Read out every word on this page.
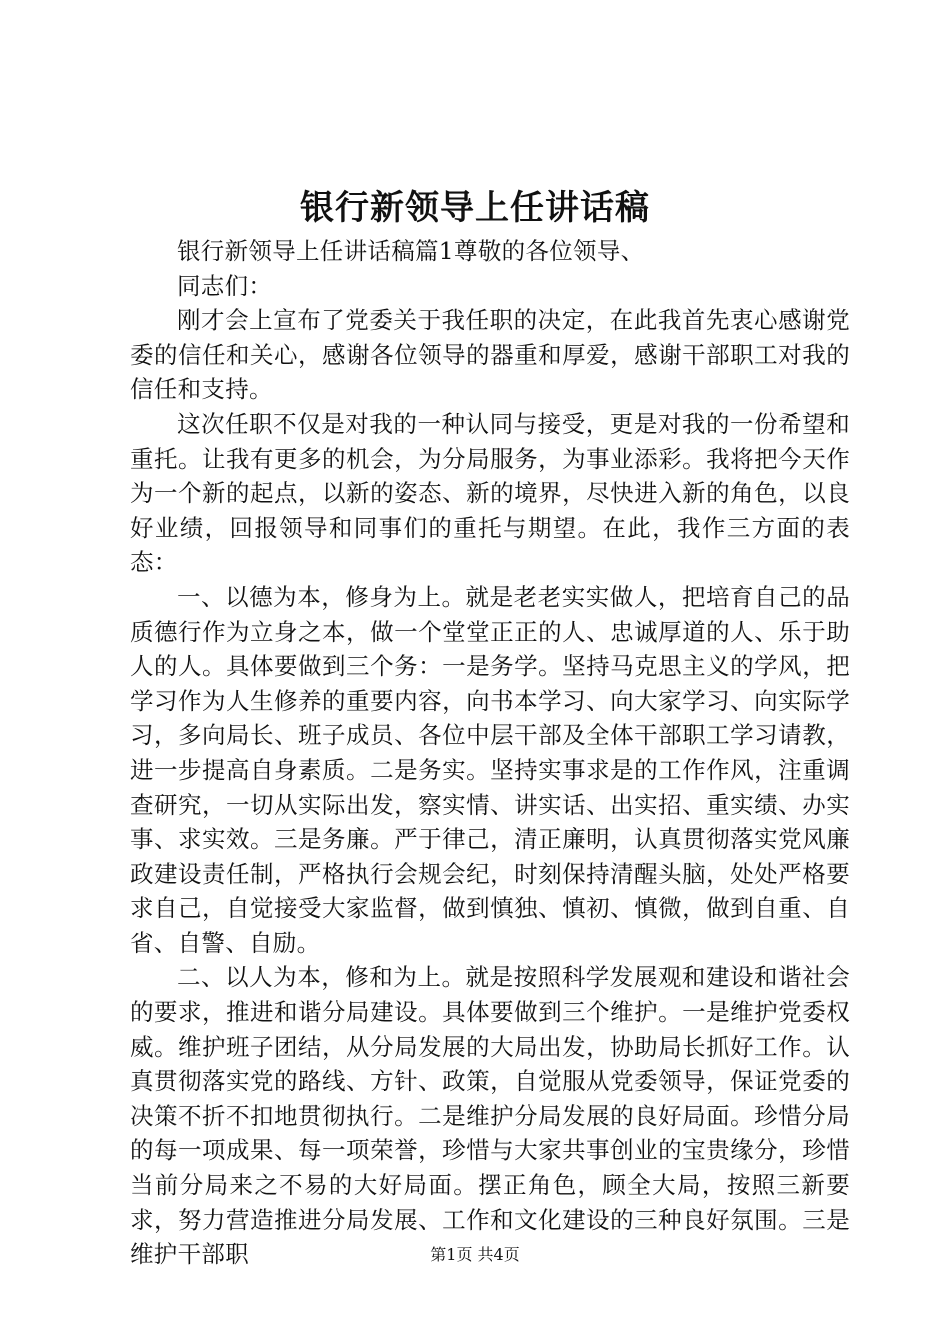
银行新领导上任讲话稿

银行新领导上任讲话稿篇1尊敬的各位领导、

同志们：

刚才会上宣布了党委关于我任职的决定，在此我首先衷心感谢党委的信任和关心，感谢各位领导的器重和厚爱，感谢干部职工对我的信任和支持。

这次任职不仅是对我的一种认同与接受，更是对我的一份希望和重托。让我有更多的机会，为分局服务，为事业添彩。我将把今天作为一个新的起点，以新的姿态、新的境界，尽快进入新的角色，以良好业绩，回报领导和同事们的重托与期望。在此，我作三方面的表态：

一、以德为本，修身为上。就是老老实实做人，把培育自己的品质德行作为立身之本，做一个堂堂正正的人、忠诚厚道的人、乐于助人的人。具体要做到三个务：一是务学。坚持马克思主义的学风，把学习作为人生修养的重要内容，向书本学习、向大家学习、向实际学习，多向局长、班子成员、各位中层干部及全体干部职工学习请教，进一步提高自身素质。二是务实。坚持实事求是的工作作风，注重调查研究，一切从实际出发，察实情、讲实话、出实招、重实绩、办实事、求实效。三是务廉。严于律己，清正廉明，认真贯彻落实党风廉政建设责任制，严格执行会规会纪，时刻保持清醒头脑，处处严格要求自己，自觉接受大家监督，做到慎独、慎初、慎微，做到自重、自省、自警、自励。

二、以人为本，修和为上。就是按照科学发展观和建设和谐社会的要求，推进和谐分局建设。具体要做到三个维护。一是维护党委权威。维护班子团结，从分局发展的大局出发，协助局长抓好工作。认真贯彻落实党的路线、方针、政策，自觉服从党委领导，保证党委的决策不折不扣地贯彻执行。二是维护分局发展的良好局面。珍惜分局的每一项成果、每一项荣誉，珍惜与大家共事创业的宝贵缘分，珍惜当前分局来之不易的大好局面。摆正角色，顾全大局，按照三新要求，努力营造推进分局发展、工作和文化建设的三种良好氛围。三是维护干部职	第1页 共4页
